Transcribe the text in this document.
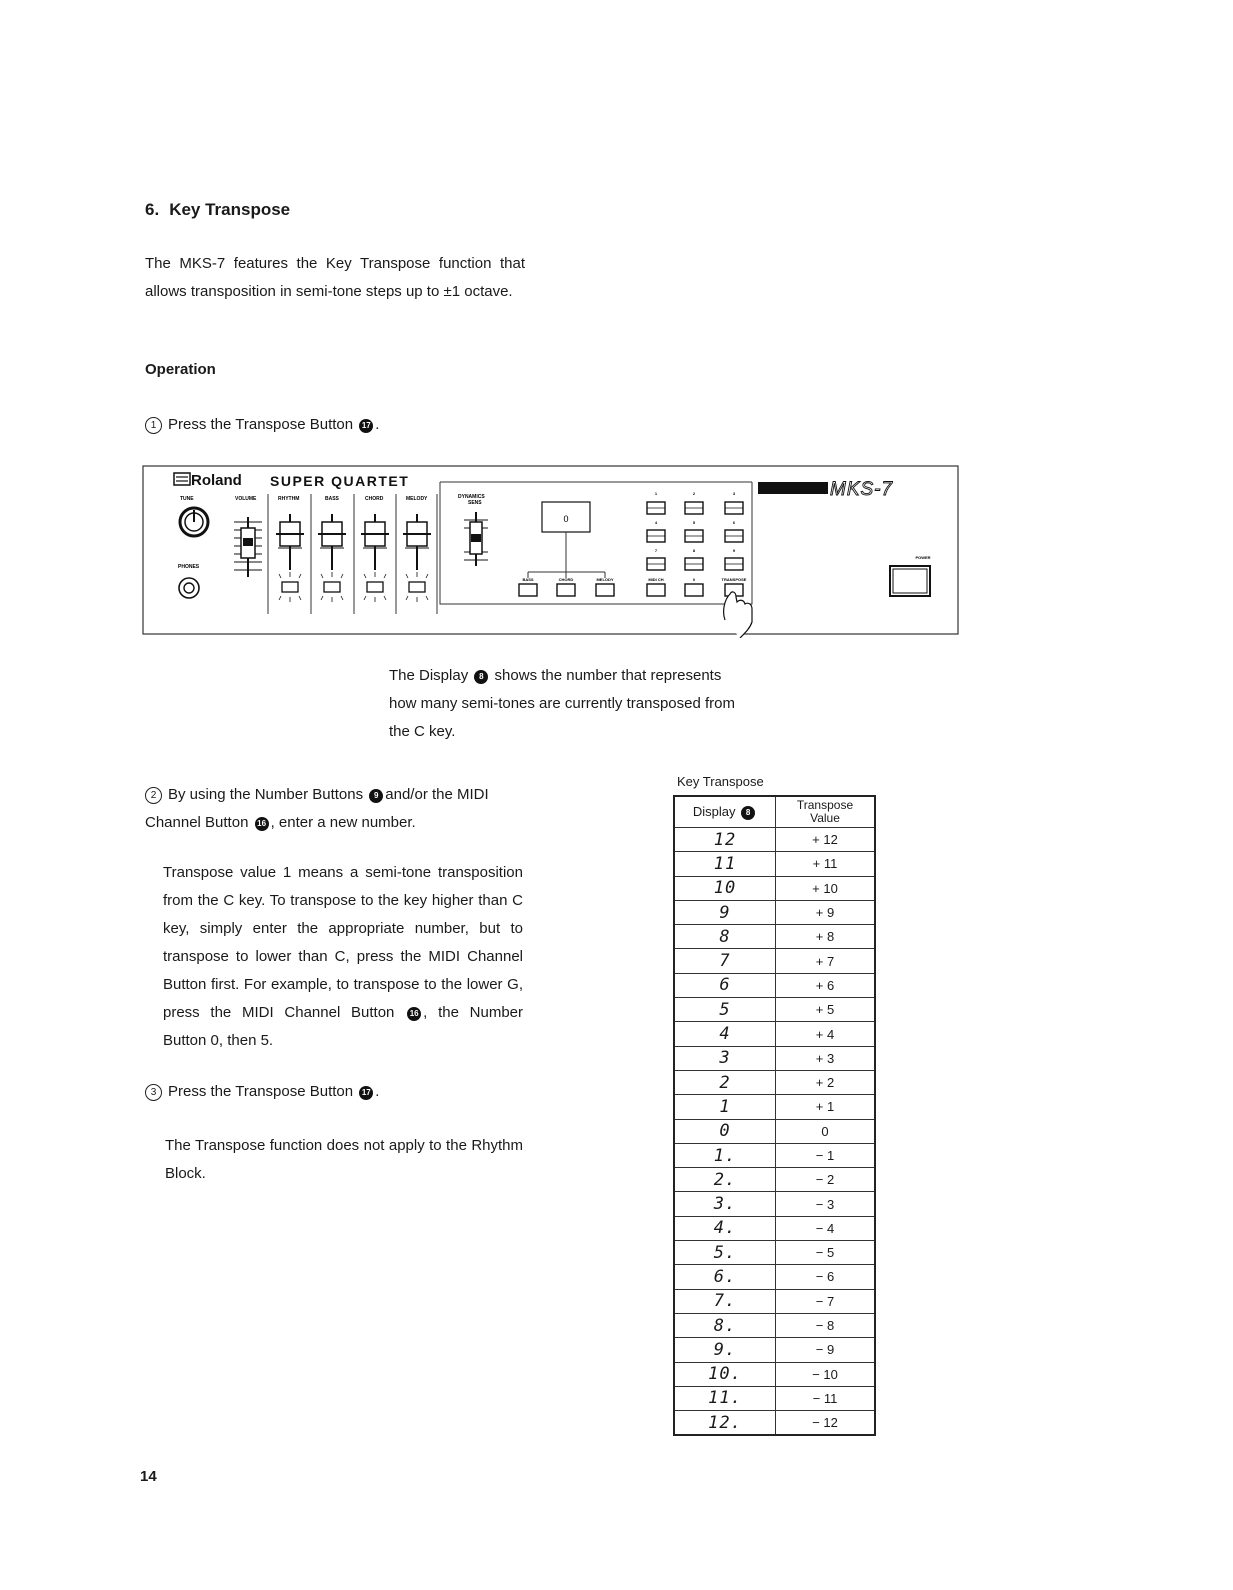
6. Key Transpose
The MKS-7 features the Key Transpose function that allows transposition in semi-tone steps up to ±1 octave.
Operation
1 Press the Transpose Button 17 .
Roland SUPER QUARTET	MKS-7
TUNE	VOLUME	RHYTHM	BASS	CHORD	MELODY
PHONES
DYNAMICS
SENS
0
BASS	CHORD	MELODY	MIDI CH	0	TRANSPOSE
1	2	3
4	5	6
7	8	9
POWER
The Display 8 shows the number that represents how many semi-tones are currently transposed from the C key.
2 By using the Number Buttons 9 and/or the MIDI Channel Button 16 , enter a new number.
Transpose value 1 means a semi-tone transposition from the C key. To transpose to the key higher than C key, simply enter the appropriate number, but to transpose to lower than C, press the MIDI Channel Button first. For example, to transpose to the lower G, press the MIDI Channel Button 16 , the Number Button 0, then 5.
3 Press the Transpose Button 17 .
The Transpose function does not apply to the Rhythm Block.
Key Transpose
Display 8	Transpose
Value
12	+ 12
11	+ 11
10	+ 10
9	+ 9
8	+ 8
7	+ 7
6	+ 6
5	+ 5
4	+ 4
3	+ 3
2	+ 2
1	+ 1
0	0
1.	− 1
2.	− 2
3.	− 3
4.	− 4
5.	− 5
6.	− 6
7.	− 7
8.	− 8
9.	− 9
10.	− 10
11.	− 11
12.	− 12
14
